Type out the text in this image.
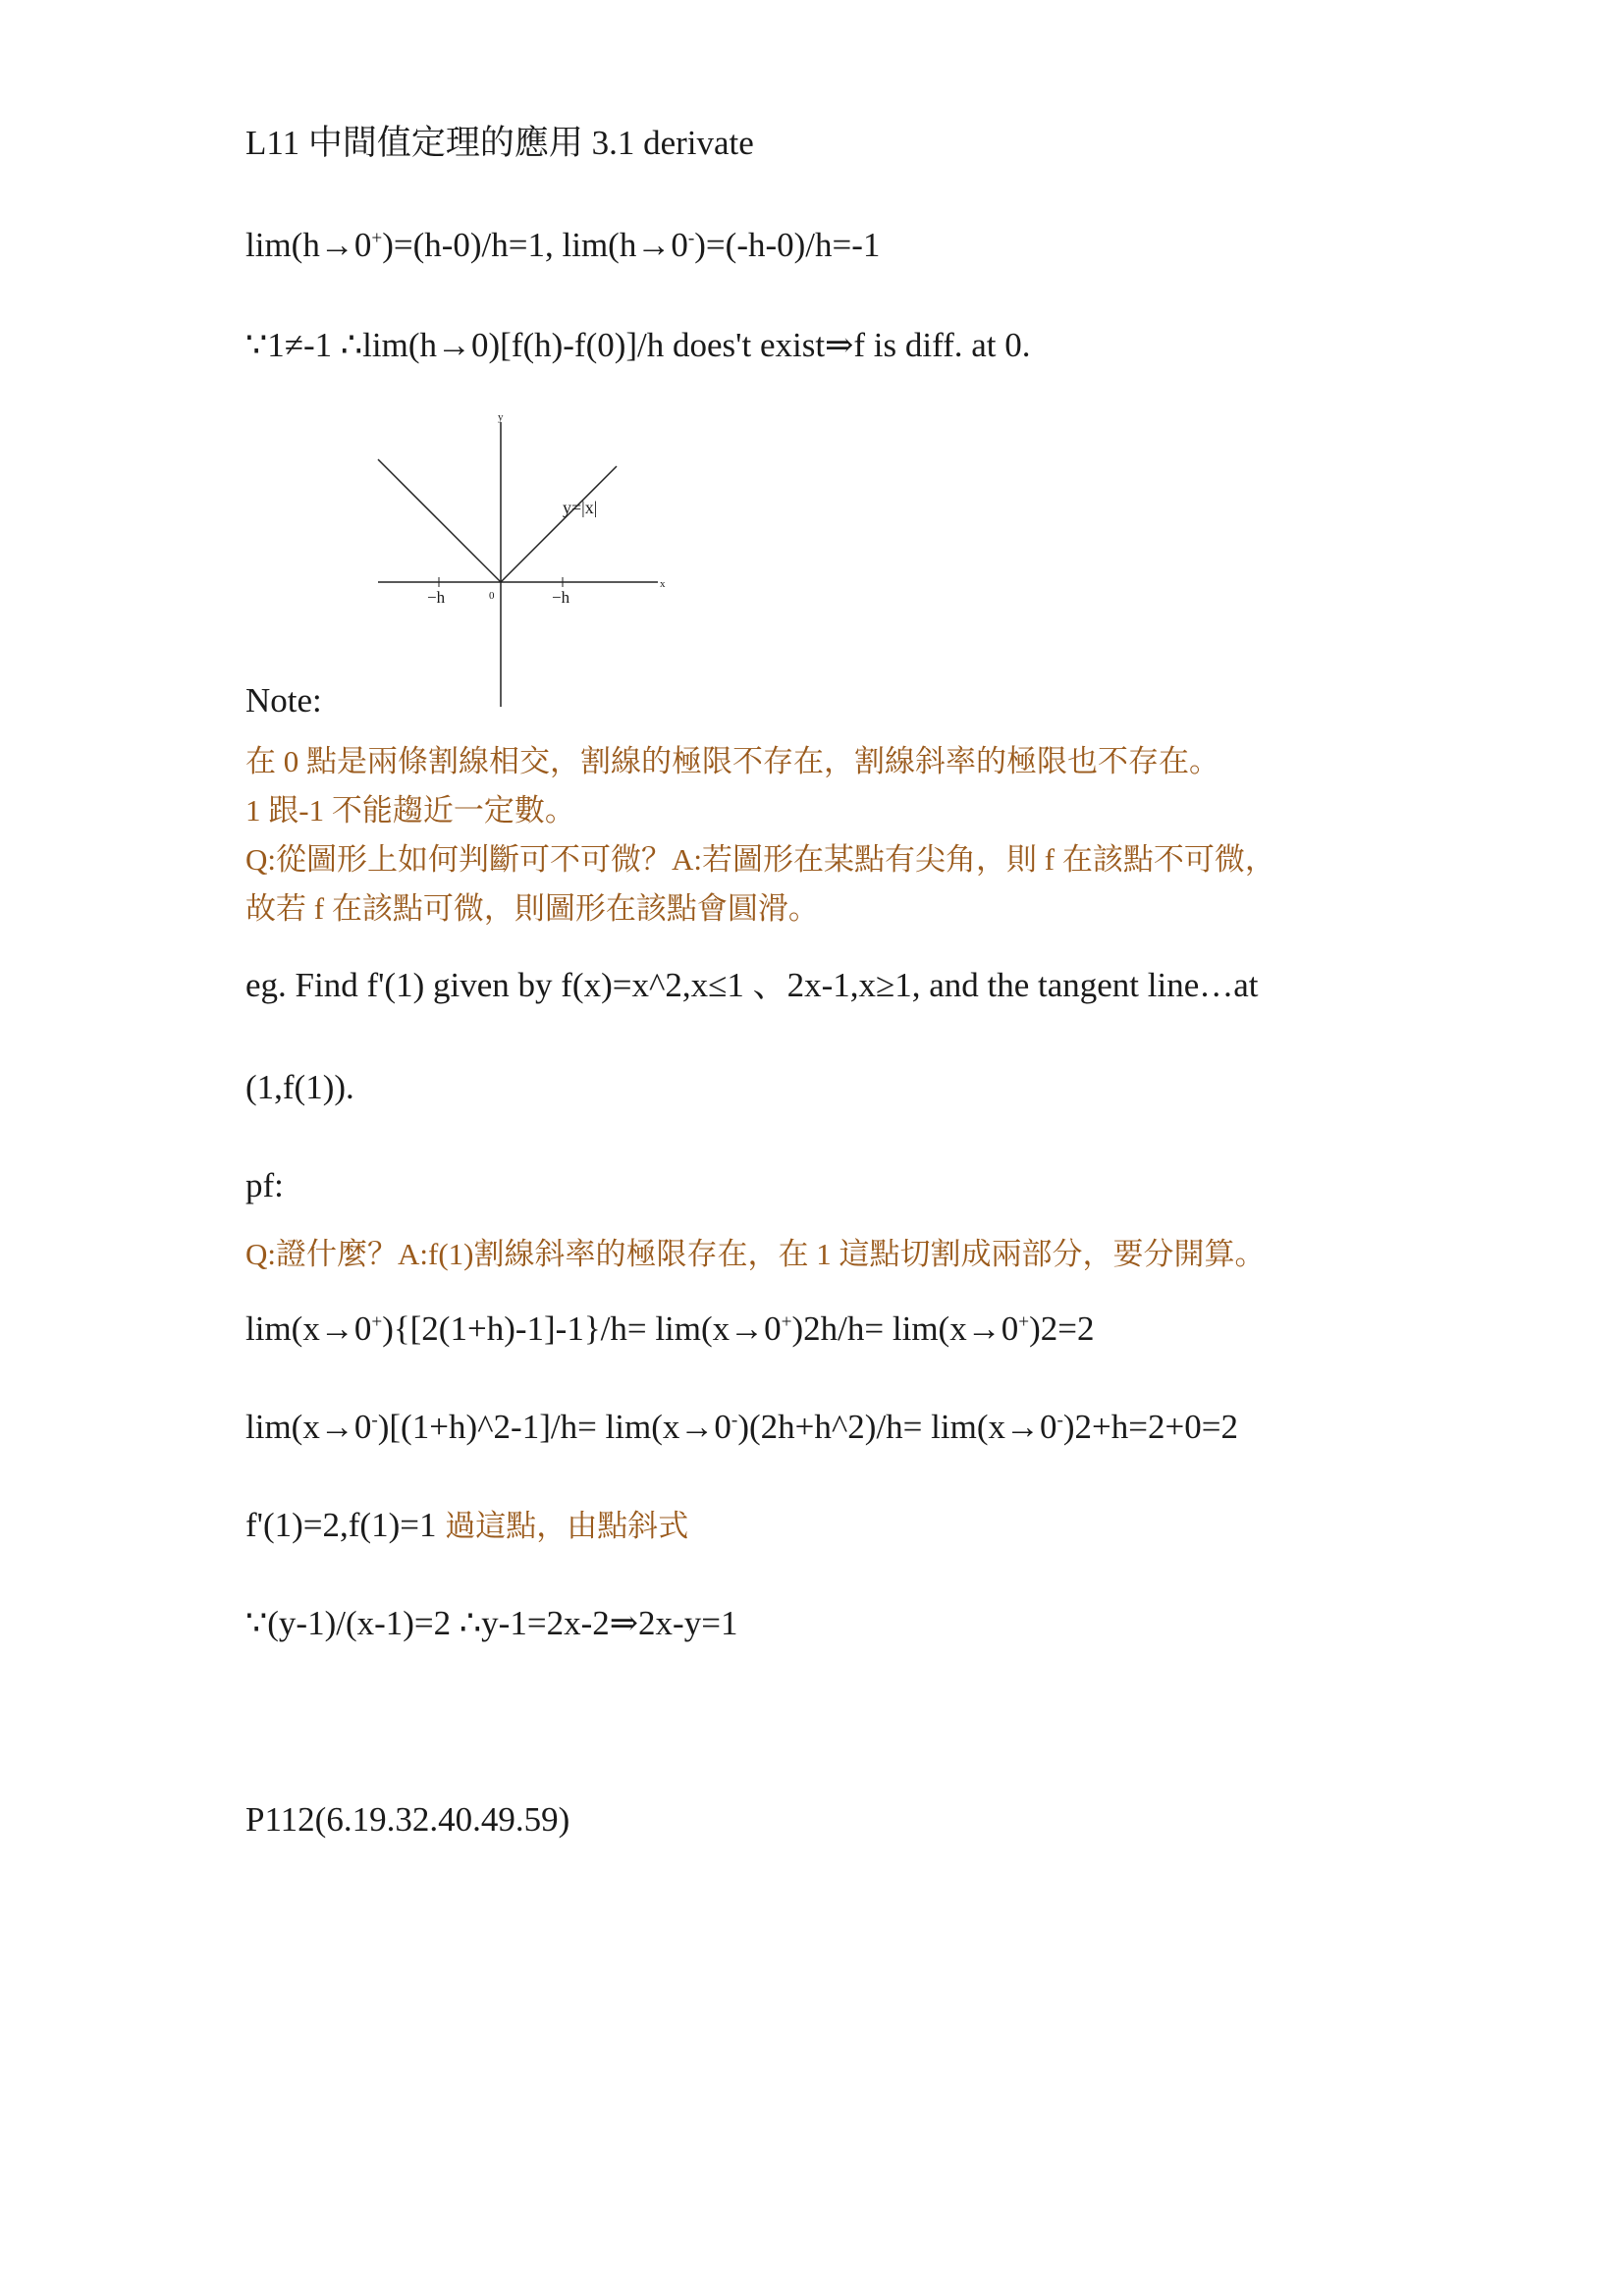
L11 中間值定理的應用 3.1 derivate
lim(h→0+)=(h-0)/h=1, lim(h→0-)=(-h-0)/h=-1
∵1≠-1 ∴lim(h→0)[f(h)-f(0)]/h does't exist⇒f is diff. at 0.
y
x
y=|x|
0
−h	−h
Note:
在 0 點是兩條割線相交，割線的極限不存在，割線斜率的極限也不存在。
1 跟-1 不能趨近一定數。
Q:從圖形上如何判斷可不可微？A:若圖形在某點有尖角，則 f 在該點不可微，
故若 f 在該點可微，則圖形在該點會圓滑。
eg. Find f'(1) given by f(x)=x^2,x≤1 、2x-1,x≥1, and the tangent line…at
(1,f(1)).
pf:
Q:證什麼？A:f(1)割線斜率的極限存在，在 1 這點切割成兩部分，要分開算。
lim(x→0+){[2(1+h)-1]-1}/h= lim(x→0+)2h/h= lim(x→0+)2=2
lim(x→0-)[(1+h)^2-1]/h= lim(x→0-)(2h+h^2)/h= lim(x→0-)2+h=2+0=2
f'(1)=2,f(1)=1 過這點，由點斜式
∵(y-1)/(x-1)=2 ∴y-1=2x-2⇒2x-y=1
P112(6.19.32.40.49.59)
